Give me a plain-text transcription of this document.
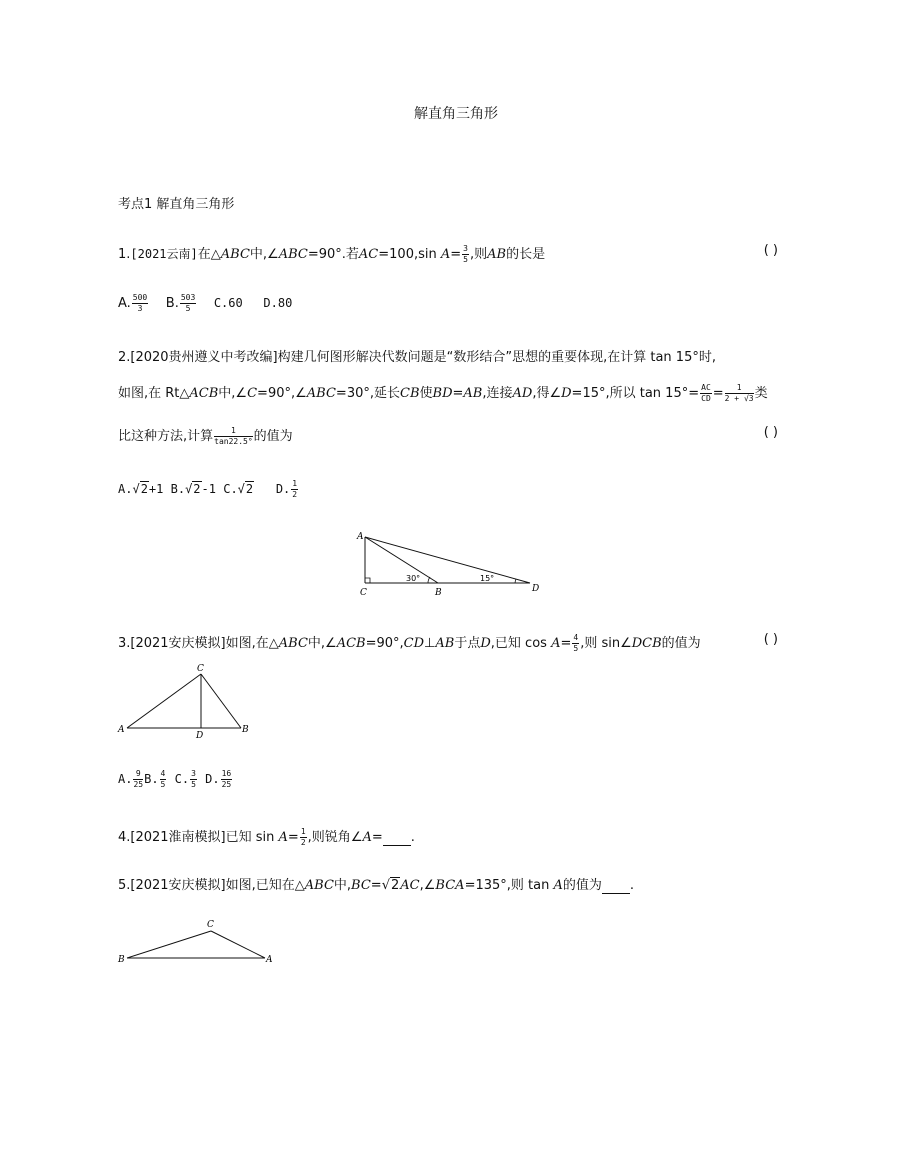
解直角三角形
考点1 解直角三角形
1.[2021云南]在△ABC中,∠ABC=90°.若AC=100,sin $A= \frac{3}{5}$ ,则AB的长是	( )
A. $\frac{500}{3} B$. $\frac{503}{5} C.60$ D.80
2.[2020贵州遵义中考改编]构建几何图形解决代数问题是“数形结合”思想的重要体现,在计算 tan 15°时,
如图,在 Rt△ACB中,∠C=90°,∠ABC=30°,延长CB使BD=AB,连接AD,得∠D=15°,所以 $\tan 15^\circ= \frac{AC}{CD} = \frac{1}{2 + √3}$ 类
比这种方法,计算 $\frac{1}{\tan 22.5^\circ}$ 的值为	( )
A.√2+1 B.√2-1 C.√2 D. $\frac{1}{2}$
A
C	B	D
30°	15°
3.[2021安庆模拟]如图,在△ABC中,∠ACB=90°,CD⊥AB于点D,已知 $\cos A= \frac{4}{5}$ ,则 sin∠DCB的值为	( )
C
A	B
D
A. $\frac{9}{25} B$. $\frac{4}{5} C$. $\frac{3}{5} D$. $\frac{16}{25}$
4.[2021淮南模拟]已知 $\sin A= \frac{1}{2}$ ,则锐角∠A= .
5.[2021安庆模拟]如图,已知在△ABC中,BC=√2AC,∠BCA=135°,则 tan A的值为 .
C
B	A
